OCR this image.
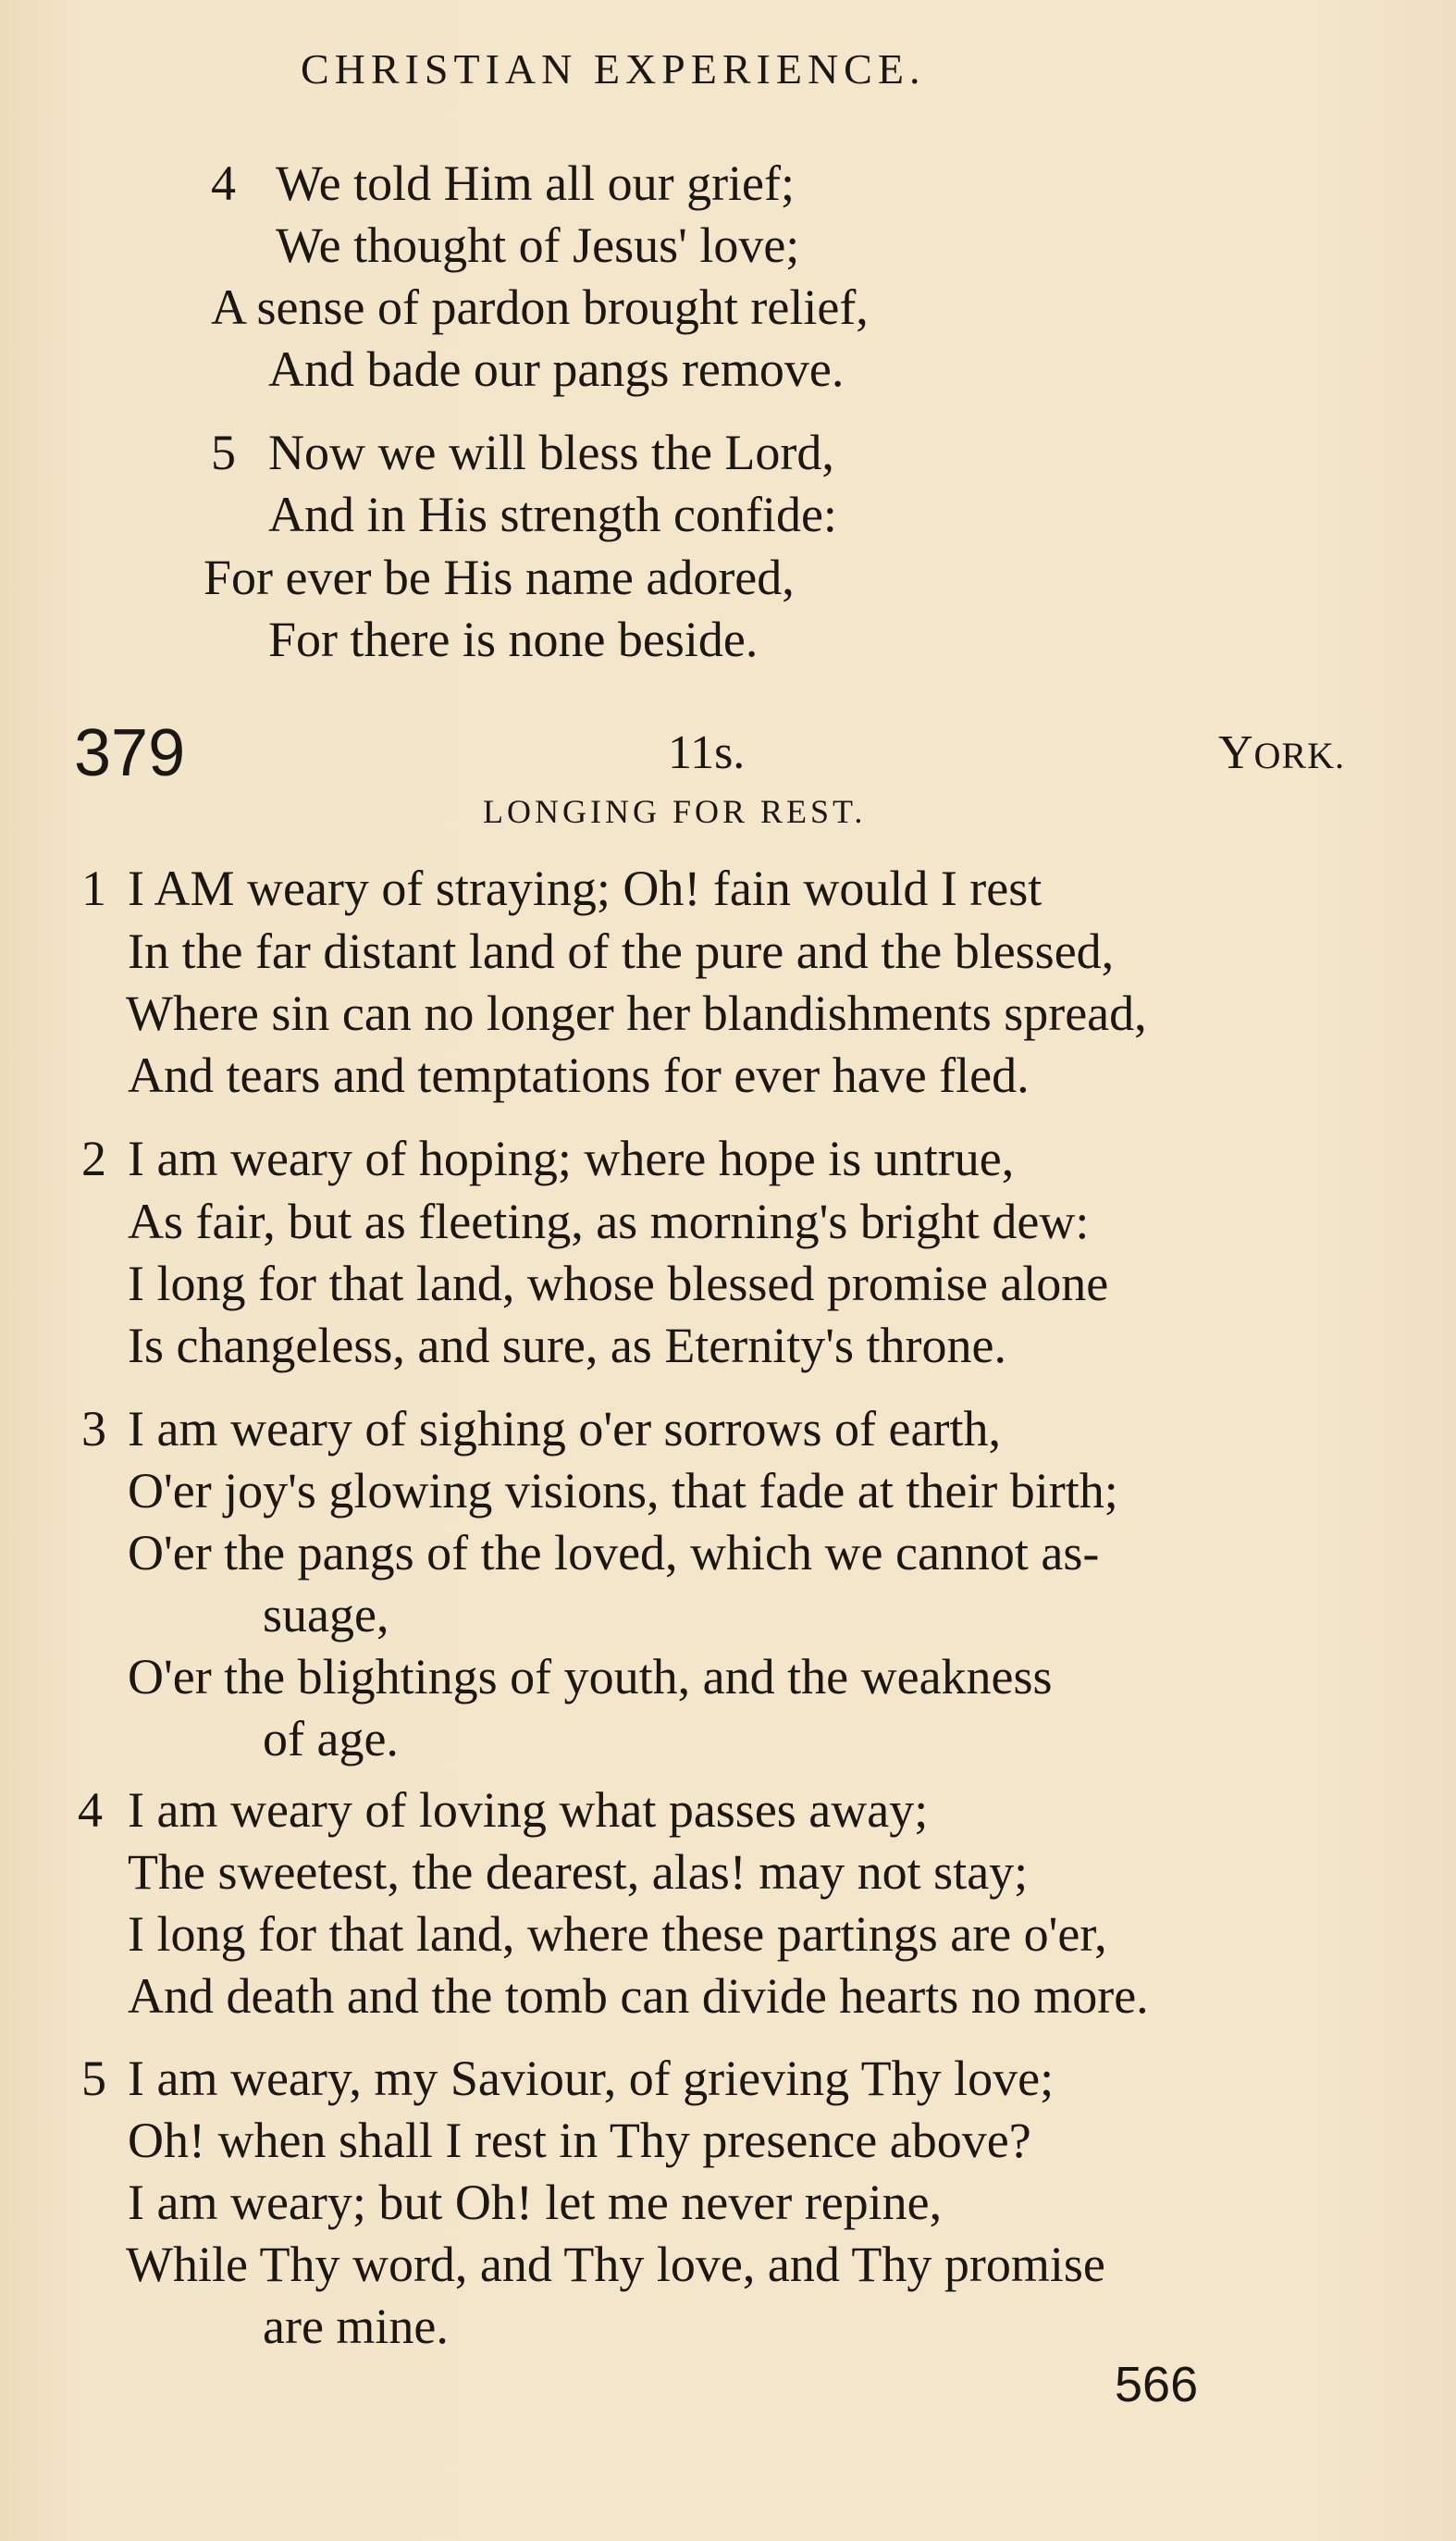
CHRISTIAN EXPERIENCE.
4 We told Him all our grief;
We thought of Jesus' love;
A sense of pardon brought relief,
And bade our pangs remove.
5 Now we will bless the Lord,
And in His strength confide:
For ever be His name adored,
For there is none beside.
379	11s.	YORK.
LONGING FOR REST.
1 I AM weary of straying; Oh! fain would I rest
In the far distant land of the pure and the blessed,
Where sin can no longer her blandishments spread,
And tears and temptations for ever have fled.
2 I am weary of hoping; where hope is untrue,
As fair, but as fleeting, as morning's bright dew:
I long for that land, whose blessed promise alone
Is changeless, and sure, as Eternity's throne.
3 I am weary of sighing o'er sorrows of earth,
O'er joy's glowing visions, that fade at their birth;
O'er the pangs of the loved, which we cannot as-
suage,
O'er the blightings of youth, and the weakness
of age.
4 I am weary of loving what passes away;
The sweetest, the dearest, alas! may not stay;
I long for that land, where these partings are o'er,
And death and the tomb can divide hearts no more.
5 I am weary, my Saviour, of grieving Thy love;
Oh! when shall I rest in Thy presence above?
I am weary; but Oh! let me never repine,
While Thy word, and Thy love, and Thy promise
are mine.
566
